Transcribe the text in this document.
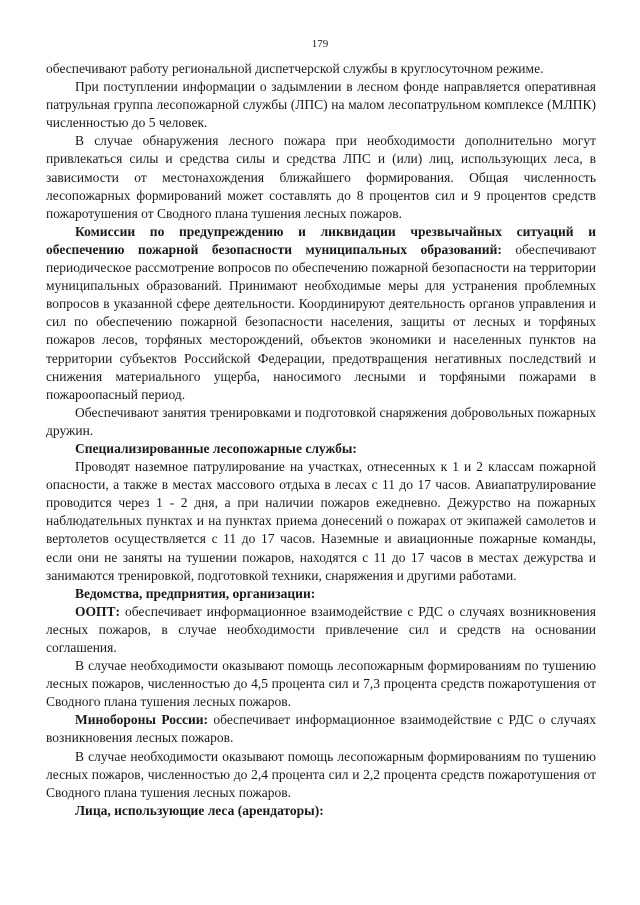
179

обеспечивают работу региональной диспетчерской службы в круглосуточном режиме.

При поступлении информации о задымлении в лесном фонде направляется оперативная патрульная группа лесопожарной службы (ЛПС) на малом лесопатрульном комплексе (МЛПК) численностью до 5 человек.

В случае обнаружения лесного пожара при необходимости дополнительно могут привлекаться силы и средства силы и средства ЛПС и (или) лиц, использующих леса, в зависимости от местонахождения ближайшего формирования. Общая численность лесопожарных формирований может составлять до 8 процентов сил и 9 процентов средств пожаротушения от Сводного плана тушения лесных пожаров.

Комиссии по предупреждению и ликвидации чрезвычайных ситуаций и обеспечению пожарной безопасности муниципальных образований: обеспечивают периодическое рассмотрение вопросов по обеспечению пожарной безопасности на территории муниципальных образований. Принимают необходимые меры для устранения проблемных вопросов в указанной сфере деятельности. Координируют деятельность органов управления и сил по обеспечению пожарной безопасности населения, защиты от лесных и торфяных пожаров лесов, торфяных месторождений, объектов экономики и населенных пунктов на территории субъектов Российской Федерации, предотвращения негативных последствий и снижения материального ущерба, наносимого лесными и торфяными пожарами в пожароопасный период.

Обеспечивают занятия тренировками и подготовкой снаряжения добровольных пожарных дружин.

Специализированные лесопожарные службы:

Проводят наземное патрулирование на участках, отнесенных к 1 и 2 классам пожарной опасности, а также в местах массового отдыха в лесах с 11 до 17 часов. Авиапатрулирование проводится через 1 - 2 дня, а при наличии пожаров ежедневно. Дежурство на пожарных наблюдательных пунктах и на пунктах приема донесений о пожарах от экипажей самолетов и вертолетов осуществляется с 11 до 17 часов. Наземные и авиационные пожарные команды, если они не заняты на тушении пожаров, находятся с 11 до 17 часов в местах дежурства и занимаются тренировкой, подготовкой техники, снаряжения и другими работами.

Ведомства, предприятия, организации:

ООПТ: обеспечивает информационное взаимодействие с РДС о случаях возникновения лесных пожаров, в случае необходимости привлечение сил и средств на основании соглашения.

В случае необходимости оказывают помощь лесопожарным формированиям по тушению лесных пожаров, численностью до 4,5 процента сил и 7,3 процента средств пожаротушения от Сводного плана тушения лесных пожаров.

Минобороны России: обеспечивает информационное взаимодействие с РДС о случаях возникновения лесных пожаров.

В случае необходимости оказывают помощь лесопожарным формированиям по тушению лесных пожаров, численностью до 2,4 процента сил и 2,2 процента средств пожаротушения от Сводного плана тушения лесных пожаров.

Лица, использующие леса (арендаторы):
